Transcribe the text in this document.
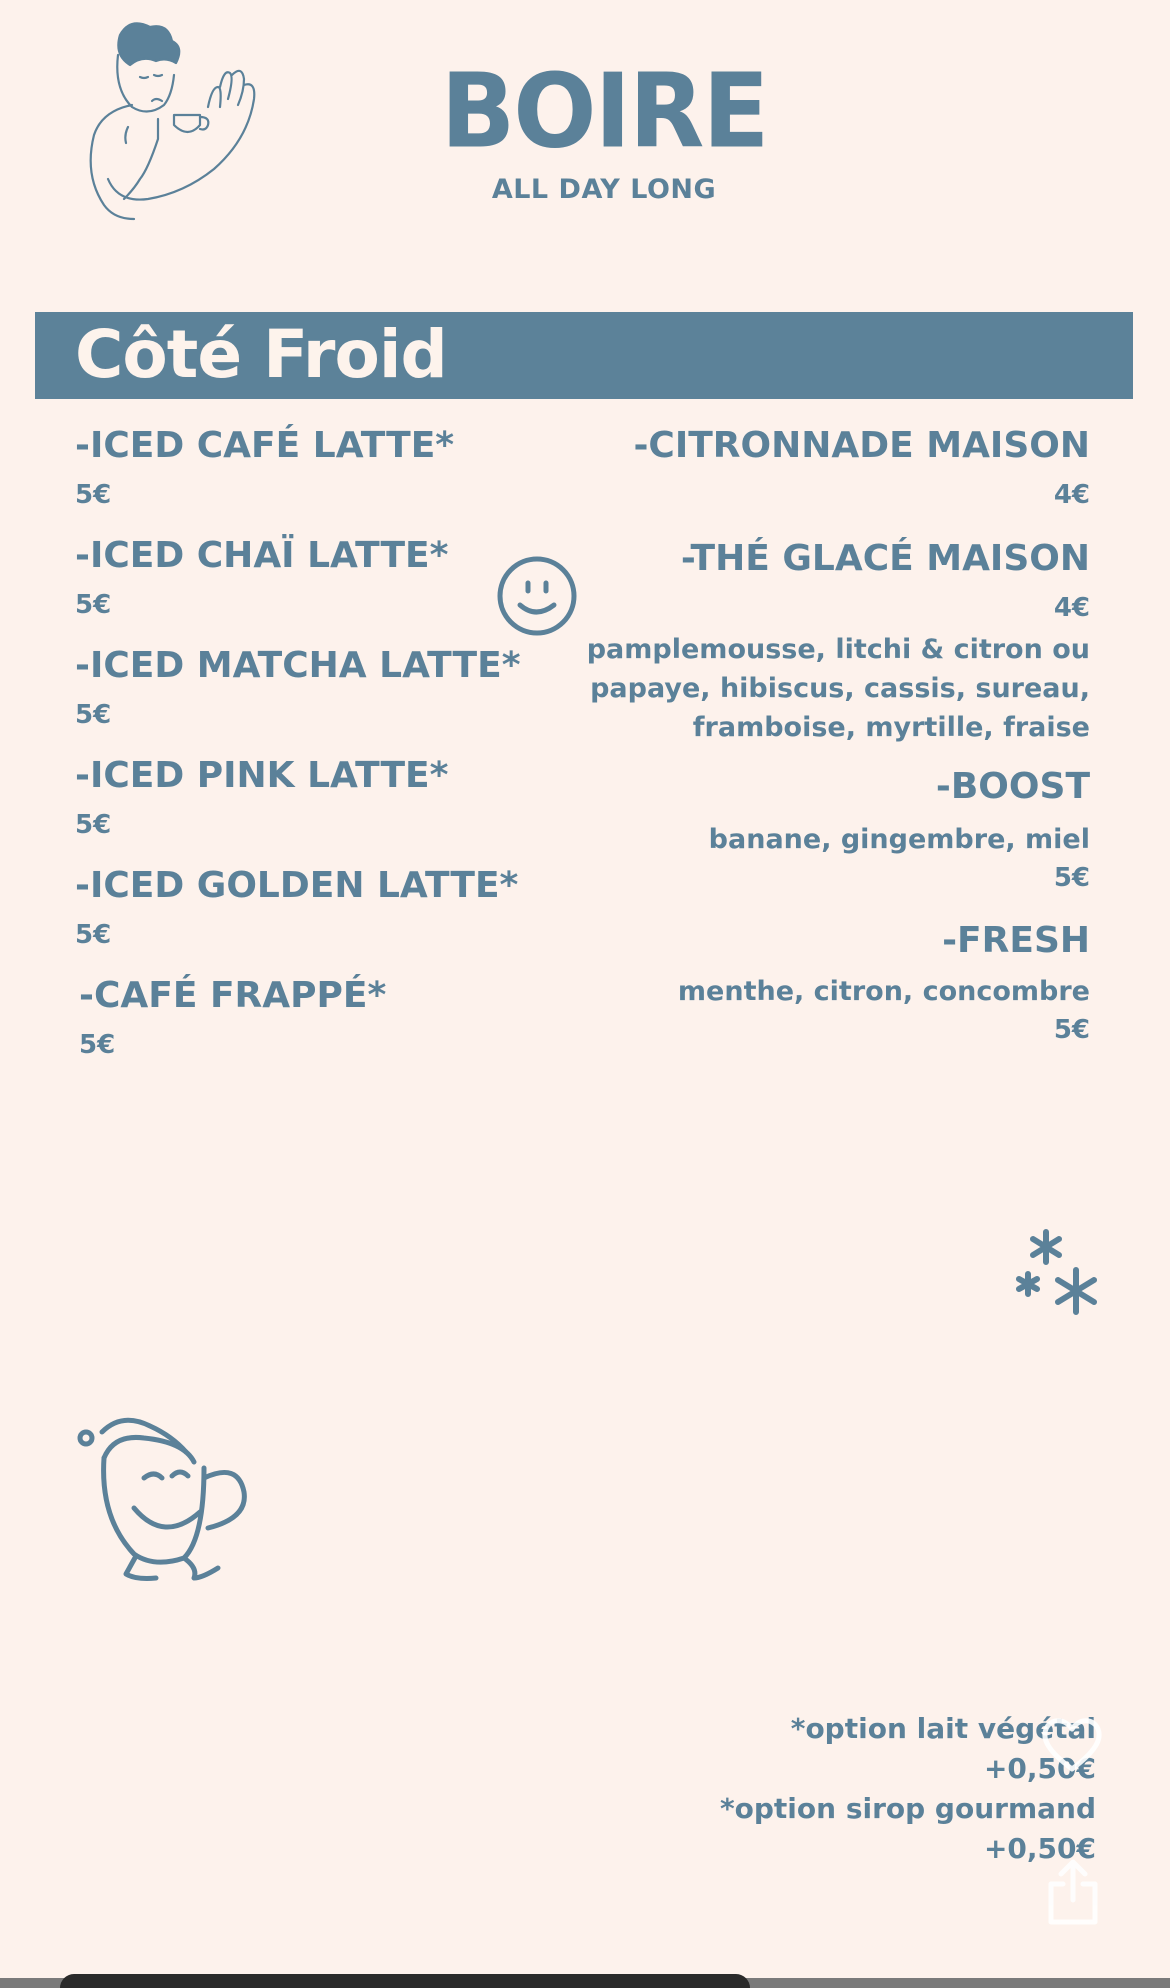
BOIRE
ALL DAY LONG
Côté Froid
-ICED CAFÉ LATTE*
5€
-ICED CHAÏ LATTE*
5€
-ICED MATCHA LATTE*
5€
-ICED PINK LATTE*
5€
-ICED GOLDEN LATTE*
5€
-CAFÉ FRAPPÉ*
5€
-CITRONNADE MAISON
4€
-THÉ GLACÉ MAISON
4€
pamplemousse, litchi & citron ou
papaye, hibiscus, cassis, sureau,
framboise, myrtille, fraise
-BOOST
banane, gingembre, miel
5€
-FRESH
menthe, citron, concombre
5€
*option lait végétal
+0,50€
*option sirop gourmand
+0,50€
